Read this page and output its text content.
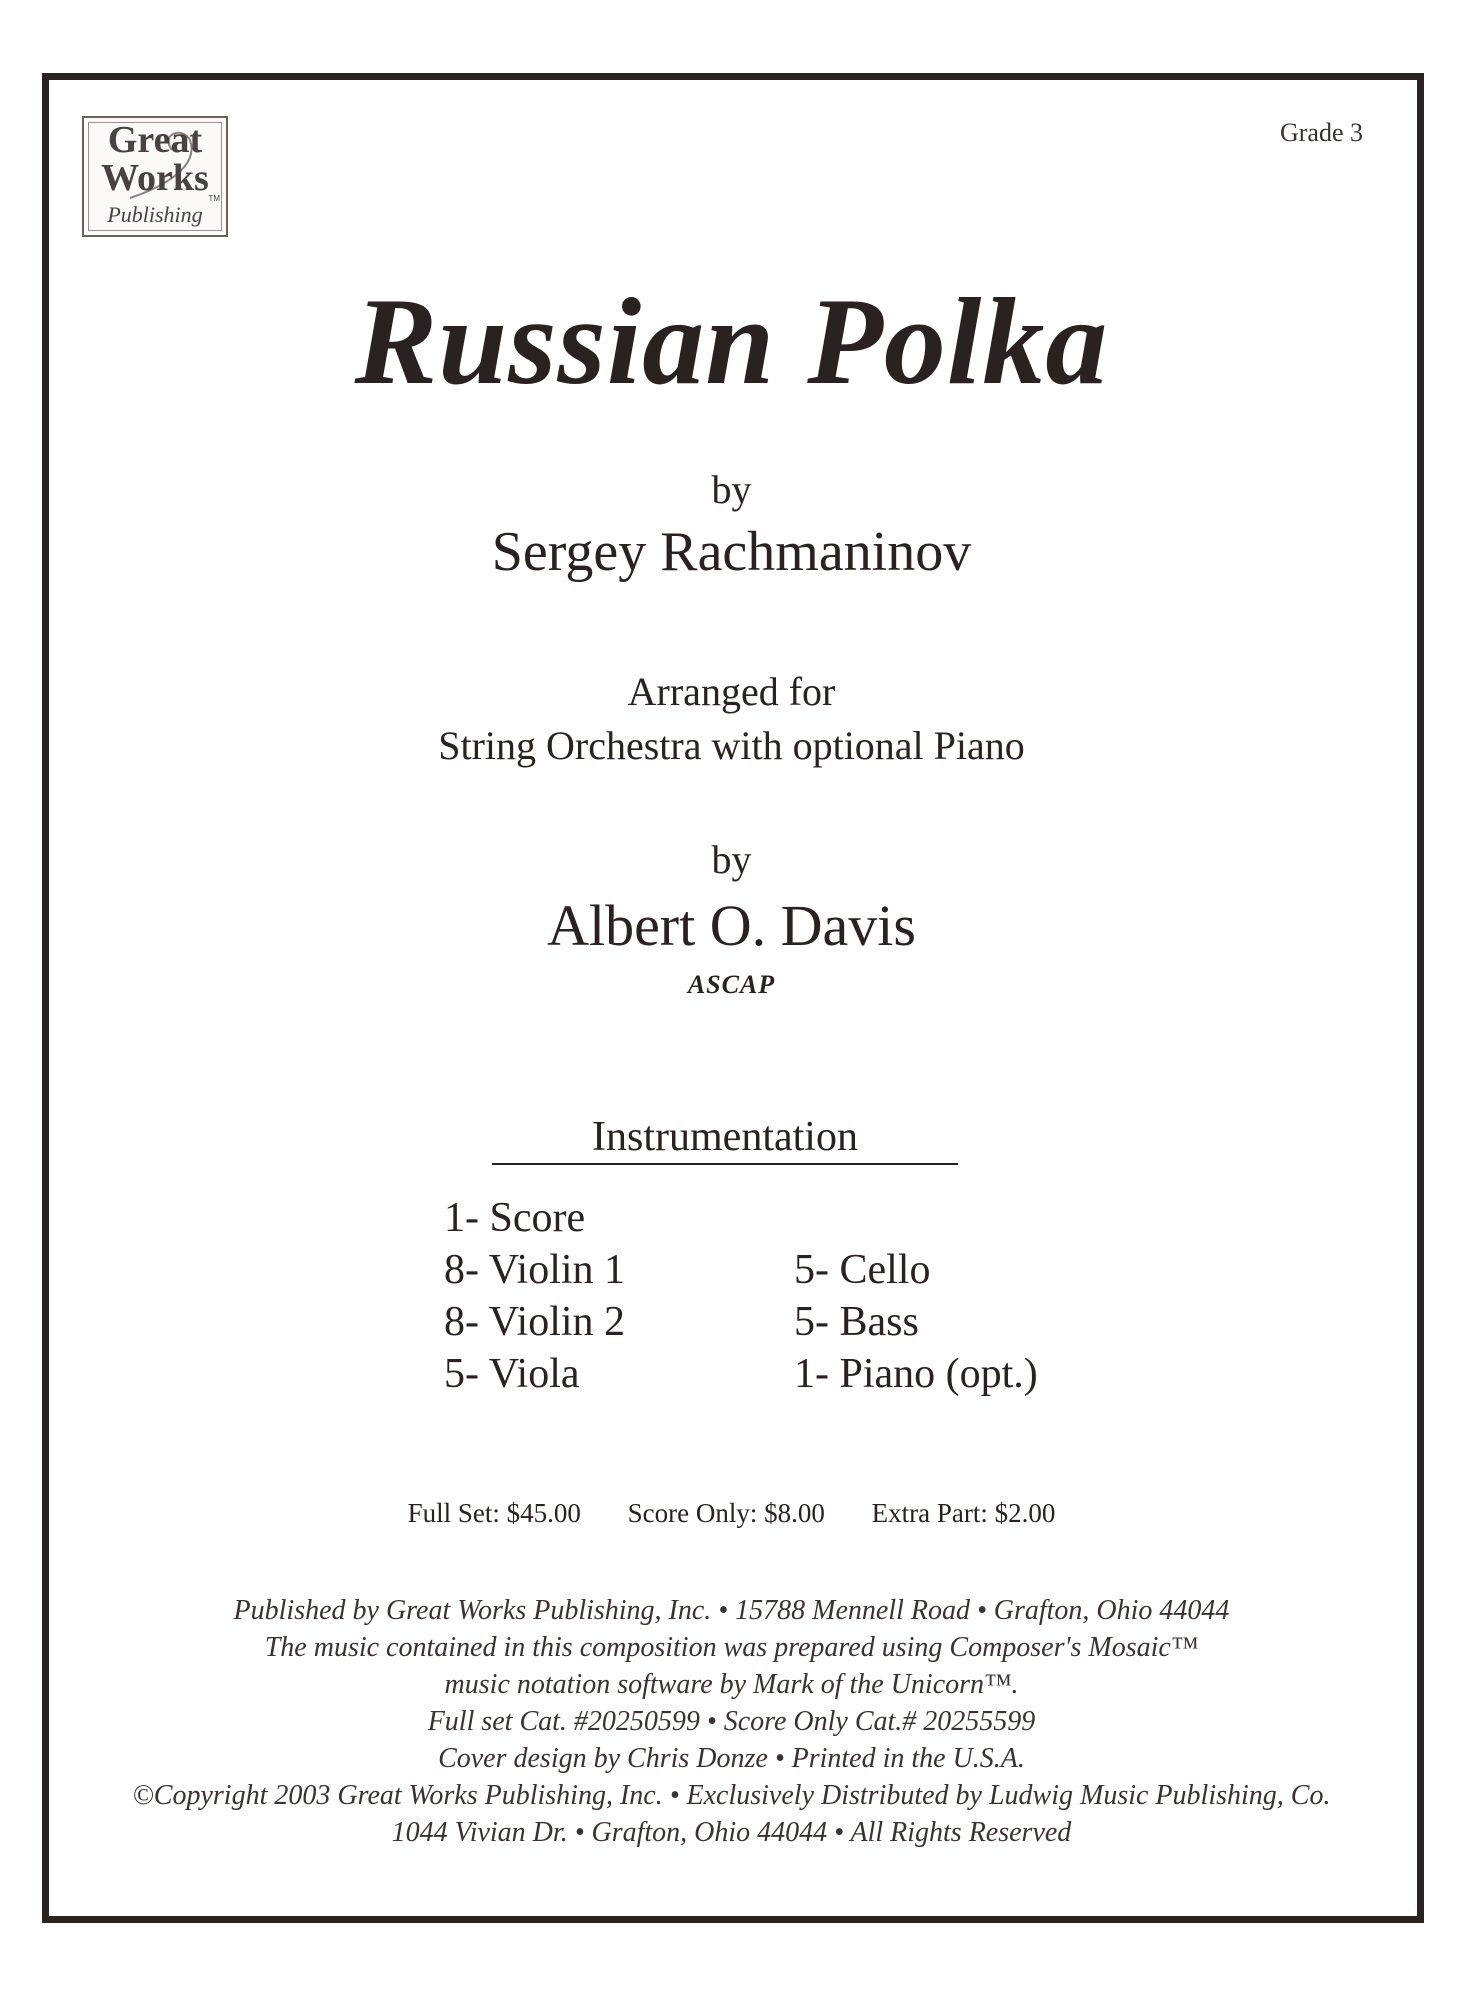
Great
Works TM
Publishing
Grade 3
Russian Polka
by
Sergey Rachmaninov
Arranged for
String Orchestra with optional Piano
by
Albert O. Davis
ASCAP
Instrumentation
1- Score
8- Violin 1
8- Violin 2
5- Viola
5- Cello
5- Bass
1- Piano (opt.)
Full Set: $45.00 Score Only: $8.00 Extra Part: $2.00
Published by Great Works Publishing, Inc. • 15788 Mennell Road • Grafton, Ohio 44044
The music contained in this composition was prepared using Composer's Mosaic™
music notation software by Mark of the Unicorn™.
Full set Cat. #20250599 • Score Only Cat.# 20255599
Cover design by Chris Donze • Printed in the U.S.A.
©Copyright 2003 Great Works Publishing, Inc. • Exclusively Distributed by Ludwig Music Publishing, Co.
1044 Vivian Dr. • Grafton, Ohio 44044 • All Rights Reserved
